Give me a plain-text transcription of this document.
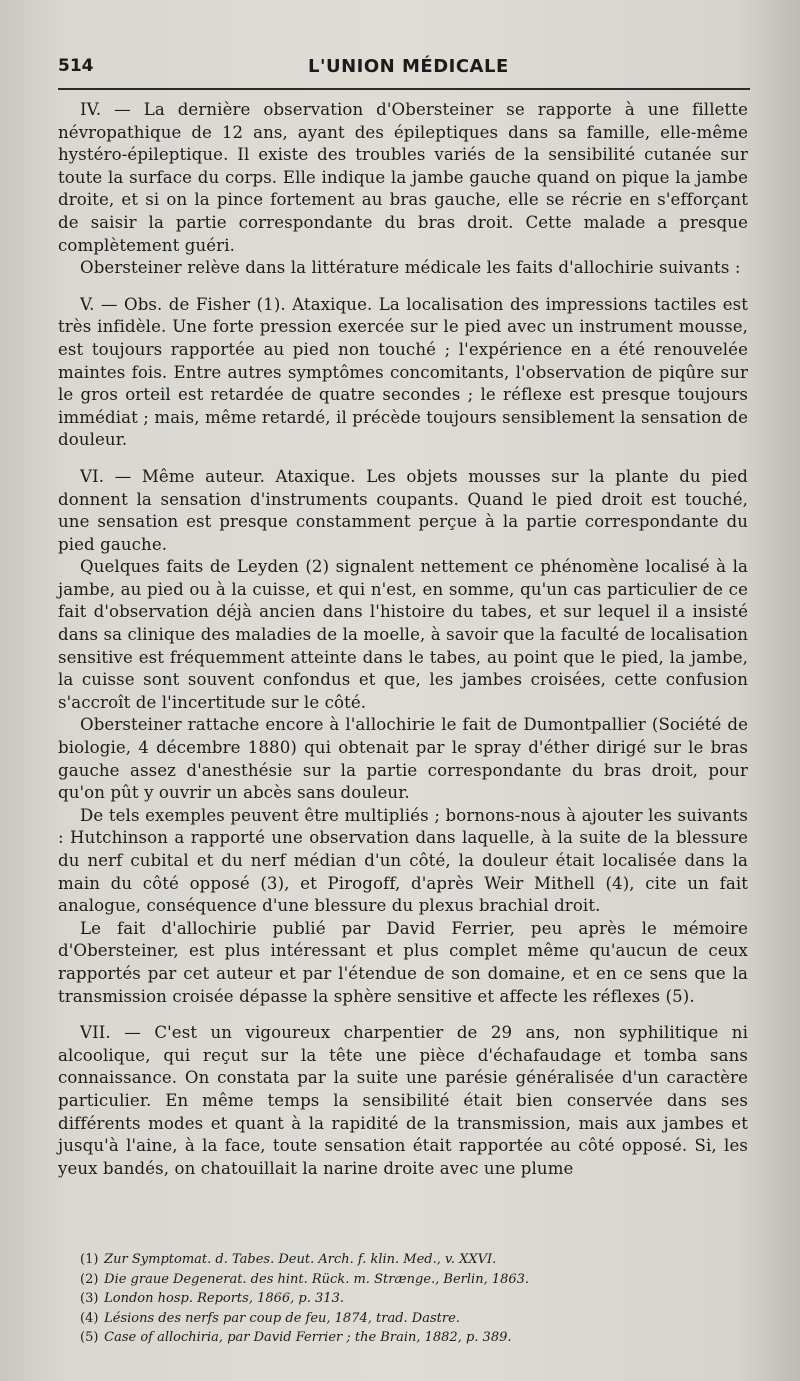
514	L'UNION MÉDICALE

IV. — La dernière observation d'Obersteiner se rapporte à une fillette névropathique de 12 ans, ayant des épileptiques dans sa famille, elle-même hystéro-épileptique. Il existe des troubles variés de la sensibilité cutanée sur toute la surface du corps. Elle indique la jambe gauche quand on pique la jambe droite, et si on la pince fortement au bras gauche, elle se récrie en s'efforçant de saisir la partie correspondante du bras droit. Cette malade a presque complètement guéri.

Obersteiner relève dans la littérature médicale les faits d'allochirie suivants :

V. — Obs. de Fisher (1). Ataxique. La localisation des impressions tactiles est très infidèle. Une forte pression exercée sur le pied avec un instrument mousse, est toujours rapportée au pied non touché ; l'expérience en a été renouvelée maintes fois. Entre autres symptômes concomitants, l'observation de piqûre sur le gros orteil est retardée de quatre secondes ; le réflexe est presque toujours immédiat ; mais, même retardé, il précède toujours sensiblement la sensation de douleur.

VI. — Même auteur. Ataxique. Les objets mousses sur la plante du pied donnent la sensation d'instruments coupants. Quand le pied droit est touché, une sensation est presque constamment perçue à la partie correspondante du pied gauche.

Quelques faits de Leyden (2) signalent nettement ce phénomène localisé à la jambe, au pied ou à la cuisse, et qui n'est, en somme, qu'un cas particulier de ce fait d'observation déjà ancien dans l'histoire du tabes, et sur lequel il a insisté dans sa clinique des maladies de la moelle, à savoir que la faculté de localisation sensitive est fréquemment atteinte dans le tabes, au point que le pied, la jambe, la cuisse sont souvent confondus et que, les jambes croisées, cette confusion s'accroît de l'incertitude sur le côté.

Obersteiner rattache encore à l'allochirie le fait de Dumontpallier (Société de biologie, 4 décembre 1880) qui obtenait par le spray d'éther dirigé sur le bras gauche assez d'anesthésie sur la partie correspondante du bras droit, pour qu'on pût y ouvrir un abcès sans douleur.

De tels exemples peuvent être multipliés ; bornons-nous à ajouter les suivants : Hutchinson a rapporté une observation dans laquelle, à la suite de la blessure du nerf cubital et du nerf médian d'un côté, la douleur était localisée dans la main du côté opposé (3), et Pirogoff, d'après Weir Mithell (4), cite un fait analogue, conséquence d'une blessure du plexus brachial droit.

Le fait d'allochirie publié par David Ferrier, peu après le mémoire d'Obersteiner, est plus intéressant et plus complet même qu'aucun de ceux rapportés par cet auteur et par l'étendue de son domaine, et en ce sens que la transmission croisée dépasse la sphère sensitive et affecte les réflexes (5).

VII. — C'est un vigoureux charpentier de 29 ans, non syphilitique ni alcoolique, qui reçut sur la tête une pièce d'échafaudage et tomba sans connaissance. On constata par la suite une parésie généralisée d'un caractère particulier. En même temps la sensibilité était bien conservée dans ses différents modes et quant à la rapidité de la transmission, mais aux jambes et jusqu'à l'aine, à la face, toute sensation était rapportée au côté opposé. Si, les yeux bandés, on chatouillait la narine droite avec une plume

(1) Zur Symptomat. d. Tabes. Deut. Arch. f. klin. Med., v. XXVI.
(2) Die graue Degenerat. des hint. Rück. m. Strænge., Berlin, 1863.
(3) London hosp. Reports, 1866, p. 313.
(4) Lésions des nerfs par coup de feu, 1874, trad. Dastre.
(5) Case of allochiria, par David Ferrier ; the Brain, 1882, p. 389.
